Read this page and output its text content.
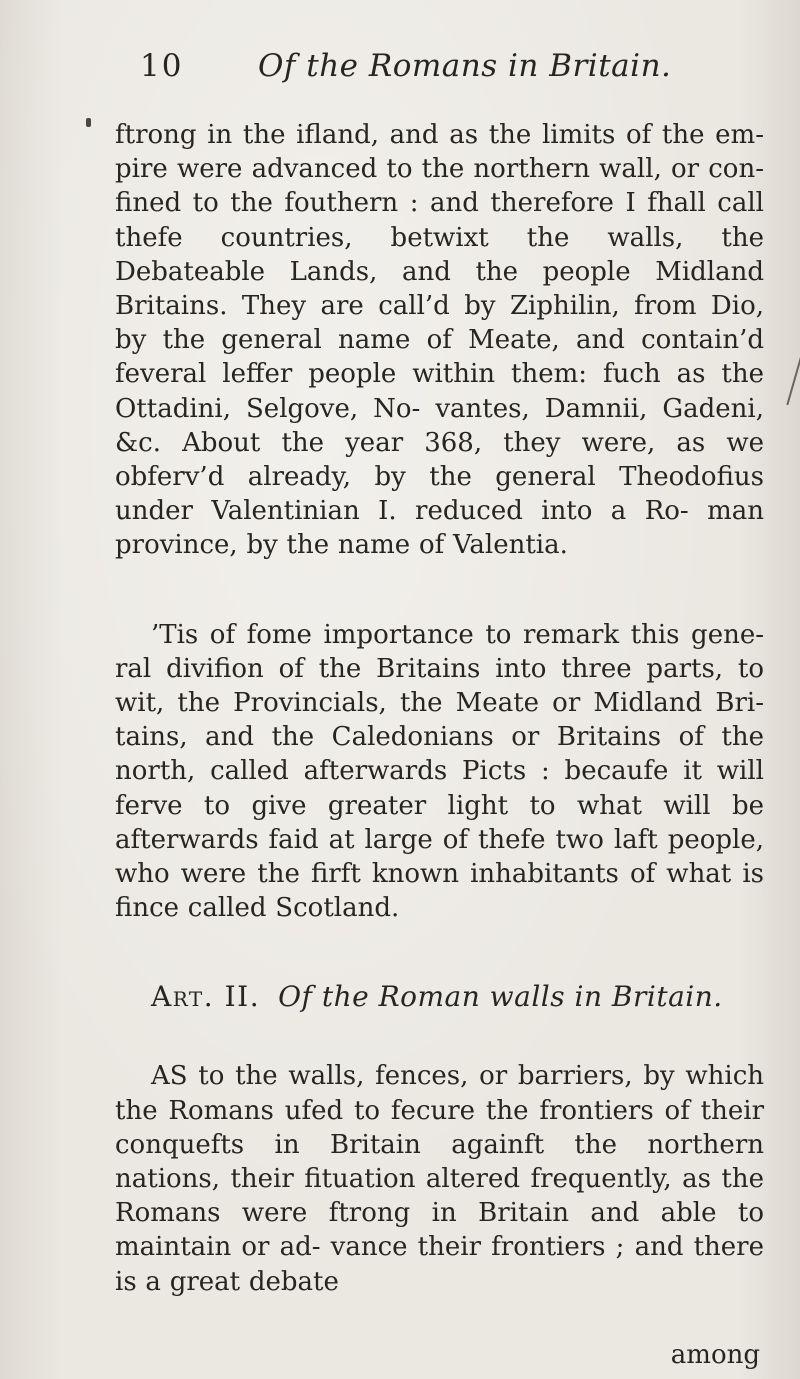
10	Of the Romans in Britain.

ftrong in the ifland, and as the limits of the em- pire were advanced to the northern wall, or con- fined to the fouthern : and therefore I fhall call thefe countries, betwixt the walls, the Debateable Lands, and the people Midland Britains. They are call’d by Ziphilin, from Dio, by the general name of Meate, and contain’d feveral leffer people within them: fuch as the Ottadini, Selgove, No- vantes, Damnii, Gadeni, &c. About the year 368, they were, as we obferv’d already, by the general Theodofius under Valentinian I. reduced into a Ro- man province, by the name of Valentia.

’Tis of fome importance to remark this gene- ral divifion of the Britains into three parts, to wit, the Provincials, the Meate or Midland Bri- tains, and the Caledonians or Britains of the north, called afterwards Picts : becaufe it will ferve to give greater light to what will be afterwards faid at large of thefe two laft people, who were the firft known inhabitants of what is fince called Scotland.

Art. II. Of the Roman walls in Britain.

AS to the walls, fences, or barriers, by which the Romans ufed to fecure the frontiers of their conquefts in Britain againft the northern nations, their fituation altered frequently, as the Romans were ftrong in Britain and able to maintain or ad- vance their frontiers ; and there is a great debate

among
